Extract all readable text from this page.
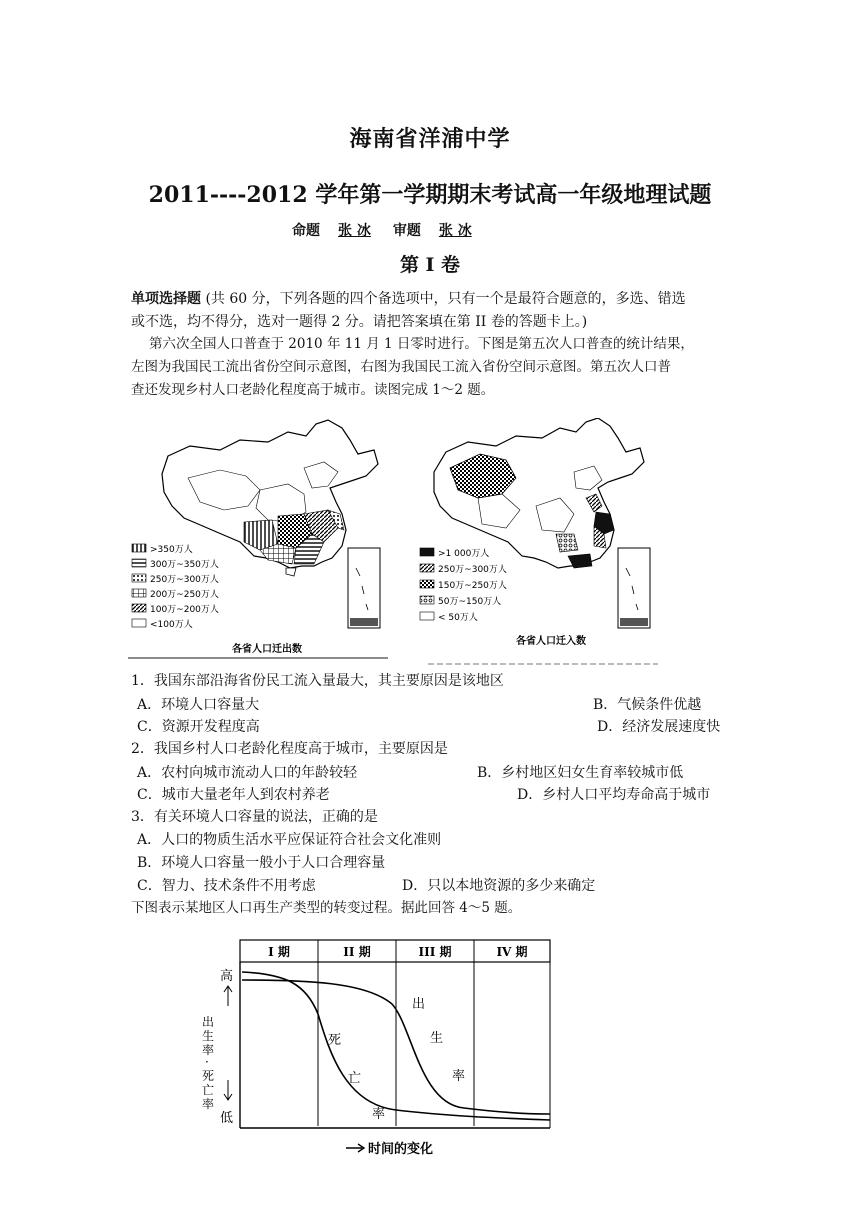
海南省洋浦中学
2011----2012 学年第一学期期末考试高一年级地理试题
命题 张 冰 审题 张 冰
第 I 卷
单项选择题 (共 60 分，下列各题的四个备选项中，只有一个是最符合题意的，多选、错选
或不选，均不得分，选对一题得 2 分。请把答案填在第 II 卷的答题卡上。)
第六次全国人口普查于 2010 年 11 月 1 日零时进行。下图是第五次人口普查的统计结果，
左图为我国民工流出省份空间示意图，右图为我国民工流入省份空间示意图。第五次人口普
查还发现乡村人口老龄化程度高于城市。读图完成 1～2 题。
>350万人
300万~350万人
250万~300万人
200万~250万人
100万~200万人
<100万人
各省人口迁出数
>1 000万人
250万~300万人
150万~250万人
50万~150万人
< 50万人
各省人口迁入数
1．我国东部沿海省份民工流入量最大，其主要原因是该地区
A．环境人口容量大	B．气候条件优越
C．资源开发程度高	D．经济发展速度快
2．我国乡村人口老龄化程度高于城市，主要原因是
A．农村向城市流动人口的年龄较轻	B．乡村地区妇女生育率较城市低
C．城市大量老年人到农村养老	D．乡村人口平均寿命高于城市
3．有关环境人口容量的说法，正确的是
A．人口的物质生活水平应保证符合社会文化准则
B．环境人口容量一般小于人口合理容量
C．智力、技术条件不用考虑	D．只以本地资源的多少来确定
下图表示某地区人口再生产类型的转变过程。据此回答 4～5 题。
I 期	II 期	III 期	IV 期
高
低
出
生
率
·
死
亡
率
出
生
率
死
亡
率
时间的变化
